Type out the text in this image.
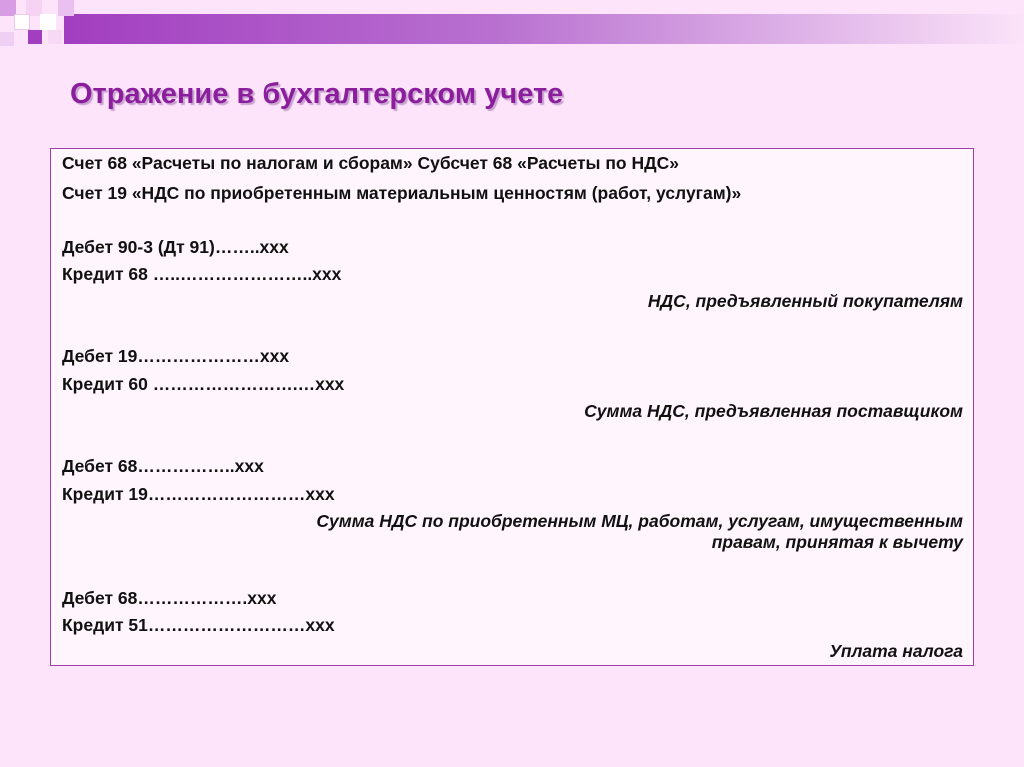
Отражение в бухгалтерском учете
Счет 68 «Расчеты по налогам и сборам» Субсчет 68 «Расчеты по НДС»
Счет 19 «НДС по приобретенным материальным ценностям (работ, услугам)»
Дебет 90-3 (Дт 91)……..xxx
Кредит 68 …..…………………..xxx
НДС, предъявленный покупателям
Дебет 19…………………xxx
Кредит 60 …………………….…xxx
Сумма НДС, предъявленная поставщиком
Дебет 68……………..xxx
Кредит 19………………………xxx
Сумма НДС по приобретенным МЦ, работам, услугам, имущественным
правам, принятая к вычету
Дебет 68……………….xxx
Кредит 51………………………xxx
Уплата налога
